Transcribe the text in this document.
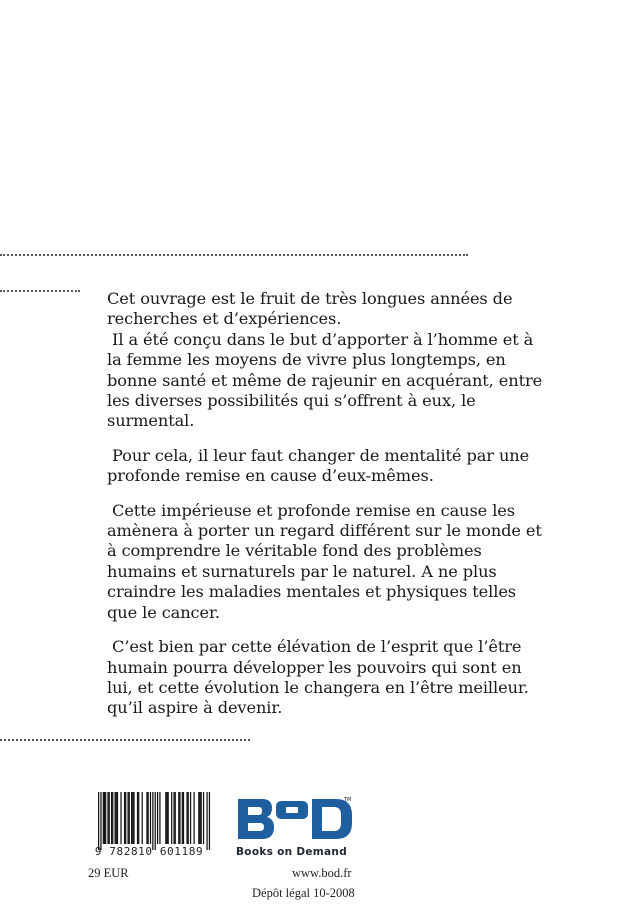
Cet ouvrage est le fruit de très longues années de recherches et d’expériences.
Il a été conçu dans le but d’apporter à l’homme et à la femme les moyens de vivre plus longtemps, en bonne santé et même de rajeunir en acquérant, entre les diverses possibilités qui s’offrent à eux, le surmental.

Pour cela, il leur faut changer de mentalité par une profonde remise en cause d’eux-mêmes.

Cette impérieuse et profonde remise en cause les amènera à porter un regard différent sur le monde et à comprendre le véritable fond des problèmes humains et surnaturels par le naturel. A ne plus craindre les maladies mentales et physiques telles que le cancer.

C’est bien par cette élévation de l’esprit que l’être humain pourra développer les pouvoirs qui sont en lui, et cette évolution le changera en l’être meilleur. qu’il aspire à devenir.

9 782810 601189
29 EUR
TM
Books on Demand
www.bod.fr
Dépôt légal 10-2008
